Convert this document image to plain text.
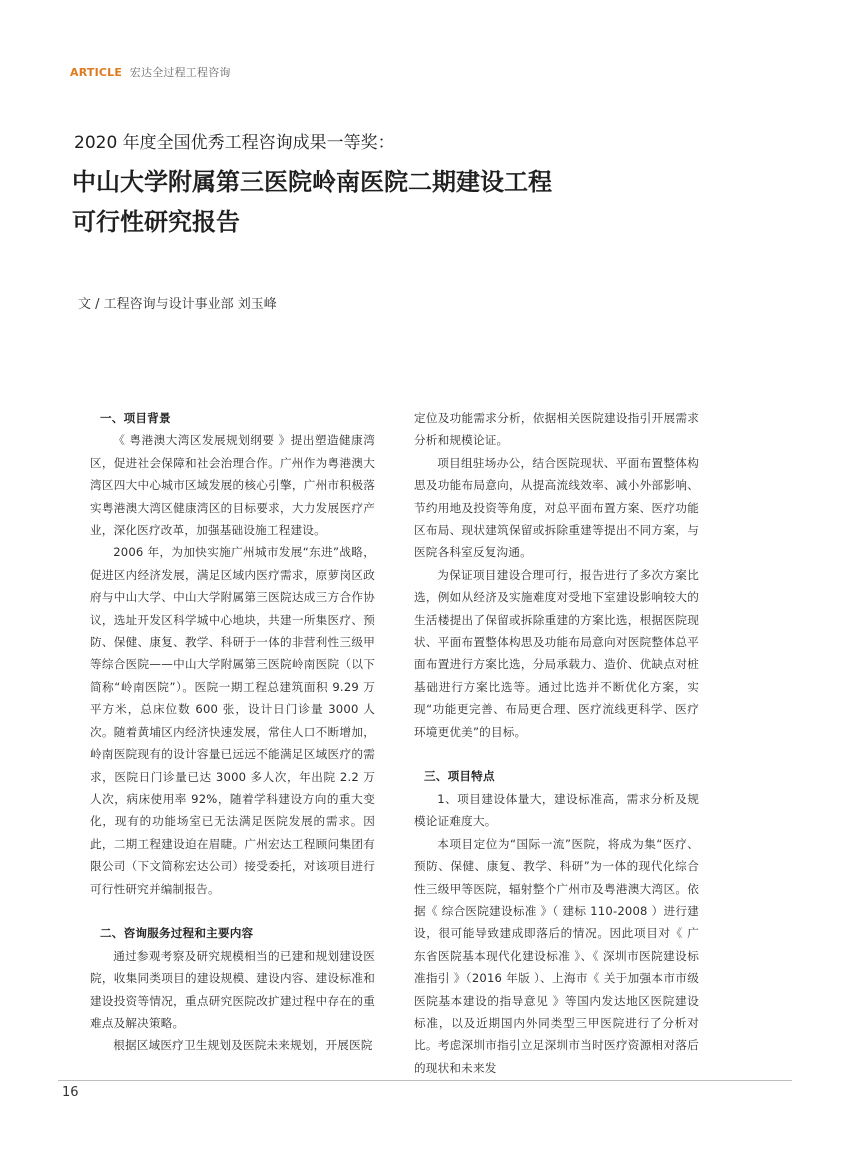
ARTICLE 宏达全过程工程咨询
2020 年度全国优秀工程咨询成果一等奖：
中山大学附属第三医院岭南医院二期建设工程
可行性研究报告
文 / 工程咨询与设计事业部 刘玉峰
一、项目背景

《 粤港澳大湾区发展规划纲要 》提出塑造健康湾区，促进社会保障和社会治理合作。广州作为粤港澳大湾区四大中心城市区域发展的核心引擎，广州市积极落实粤港澳大湾区健康湾区的目标要求，大力发展医疗产业，深化医疗改革，加强基础设施工程建设。

2006 年，为加快实施广州城市发展“东进”战略，促进区内经济发展，满足区域内医疗需求，原萝岗区政府与中山大学、中山大学附属第三医院达成三方合作协议，选址开发区科学城中心地块，共建一所集医疗、预防、保健、康复、教学、科研于一体的非营利性三级甲等综合医院——中山大学附属第三医院岭南医院（以下简称“岭南医院”）。医院一期工程总建筑面积 9.29 万平方米，总床位数 600 张，设计日门诊量 3000 人次。随着黄埔区内经济快速发展，常住人口不断增加，岭南医院现有的设计容量已远远不能满足区域医疗的需求，医院日门诊量已达 3000 多人次，年出院 2.2 万人次，病床使用率 92%，随着学科建设方向的重大变化，现有的功能场室已无法满足医院发展的需求。因此，二期工程建设迫在眉睫。广州宏达工程顾问集团有限公司（下文简称宏达公司）接受委托，对该项目进行可行性研究并编制报告。

二、咨询服务过程和主要内容

通过参观考察及研究规模相当的已建和规划建设医院，收集同类项目的建设规模、建设内容、建设标准和建设投资等情况，重点研究医院改扩建过程中存在的重难点及解决策略。

根据区域医疗卫生规划及医院未来规划，开展医院

定位及功能需求分析，依据相关医院建设指引开展需求分析和规模论证。

项目组驻场办公，结合医院现状、平面布置整体构思及功能布局意向，从提高流线效率、减小外部影响、节约用地及投资等角度，对总平面布置方案、医疗功能区布局、现状建筑保留或拆除重建等提出不同方案，与医院各科室反复沟通。

为保证项目建设合理可行，报告进行了多次方案比选，例如从经济及实施难度对受地下室建设影响较大的生活楼提出了保留或拆除重建的方案比选，根据医院现状、平面布置整体构思及功能布局意向对医院整体总平面布置进行方案比选，分局承载力、造价、优缺点对桩基础进行方案比选等。通过比选并不断优化方案，实现“功能更完善、布局更合理、医疗流线更科学、医疗环境更优美”的目标。

三、项目特点

1、项目建设体量大，建设标准高，需求分析及规模论证难度大。

本项目定位为“国际一流”医院，将成为集“医疗、预防、保健、康复、教学、科研”为一体的现代化综合性三级甲等医院，辐射整个广州市及粤港澳大湾区。依据《 综合医院建设标准 》（ 建标 110-2008 ）进行建设，很可能导致建成即落后的情况。因此项目对《 广东省医院基本现代化建设标准 》、《 深圳市医院建设标准指引 》（2016 年版 ）、上海市《 关于加强本市市级医院基本建设的指导意见 》等国内发达地区医院建设标准，以及近期国内外同类型三甲医院进行了分析对比。考虑深圳市指引立足深圳市当时医疗资源相对落后的现状和未来发

16
